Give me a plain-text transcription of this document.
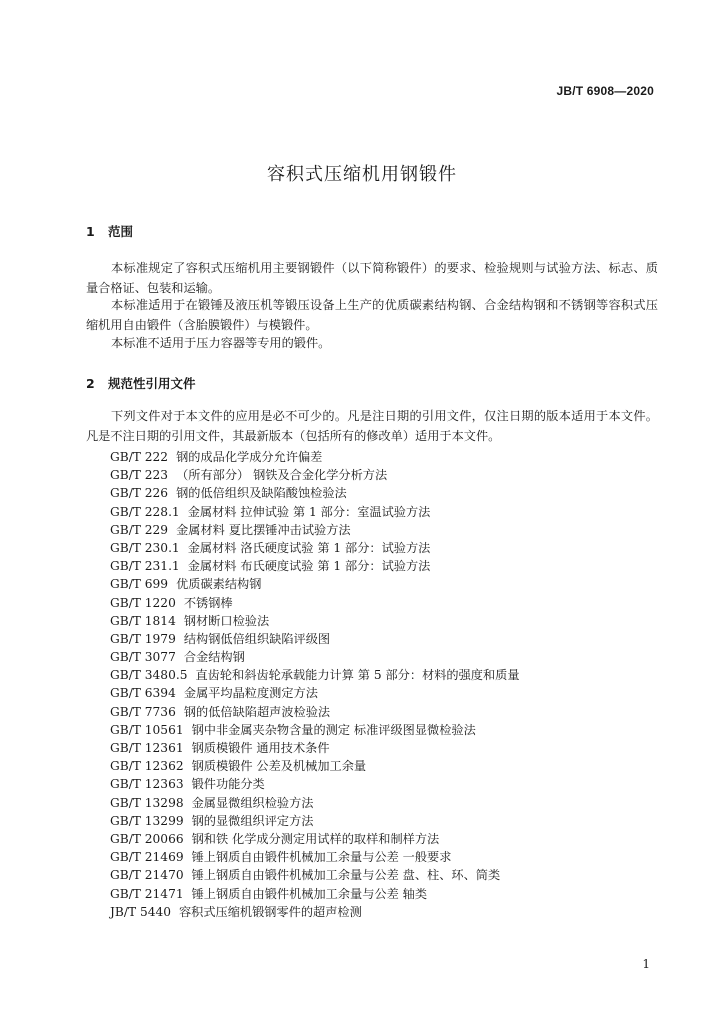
JB/T 6908—2020
容积式压缩机用钢锻件
1 范围

本标准规定了容积式压缩机用主要钢锻件（以下简称锻件）的要求、检验规则与试验方法、标志、质量合格证、包装和运输。

本标准适用于在锻锤及液压机等锻压设备上生产的优质碳素结构钢、合金结构钢和不锈钢等容积式压缩机用自由锻件（含胎膜锻件）与模锻件。

本标准不适用于压力容器等专用的锻件。

2 规范性引用文件

下列文件对于本文件的应用是必不可少的。凡是注日期的引用文件，仅注日期的版本适用于本文件。凡是不注日期的引用文件，其最新版本（包括所有的修改单）适用于本文件。

GB/T 222 钢的成品化学成分允许偏差
GB/T 223 （所有部分） 钢铁及合金化学分析方法
GB/T 226 钢的低倍组织及缺陷酸蚀检验法
GB/T 228.1 金属材料 拉伸试验 第 1 部分：室温试验方法
GB/T 229 金属材料 夏比摆锤冲击试验方法
GB/T 230.1 金属材料 洛氏硬度试验 第 1 部分：试验方法
GB/T 231.1 金属材料 布氏硬度试验 第 1 部分：试验方法
GB/T 699 优质碳素结构钢
GB/T 1220 不锈钢棒
GB/T 1814 钢材断口检验法
GB/T 1979 结构钢低倍组织缺陷评级图
GB/T 3077 合金结构钢
GB/T 3480.5 直齿轮和斜齿轮承载能力计算 第 5 部分：材料的强度和质量
GB/T 6394 金属平均晶粒度测定方法
GB/T 7736 钢的低倍缺陷超声波检验法
GB/T 10561 钢中非金属夹杂物含量的测定 标准评级图显微检验法
GB/T 12361 钢质模锻件 通用技术条件
GB/T 12362 钢质模锻件 公差及机械加工余量
GB/T 12363 锻件功能分类
GB/T 13298 金属显微组织检验方法
GB/T 13299 钢的显微组织评定方法
GB/T 20066 钢和铁 化学成分测定用试样的取样和制样方法
GB/T 21469 锤上钢质自由锻件机械加工余量与公差 一般要求
GB/T 21470 锤上钢质自由锻件机械加工余量与公差 盘、柱、环、筒类
GB/T 21471 锤上钢质自由锻件机械加工余量与公差 轴类
JB/T 5440 容积式压缩机锻钢零件的超声检测
1
